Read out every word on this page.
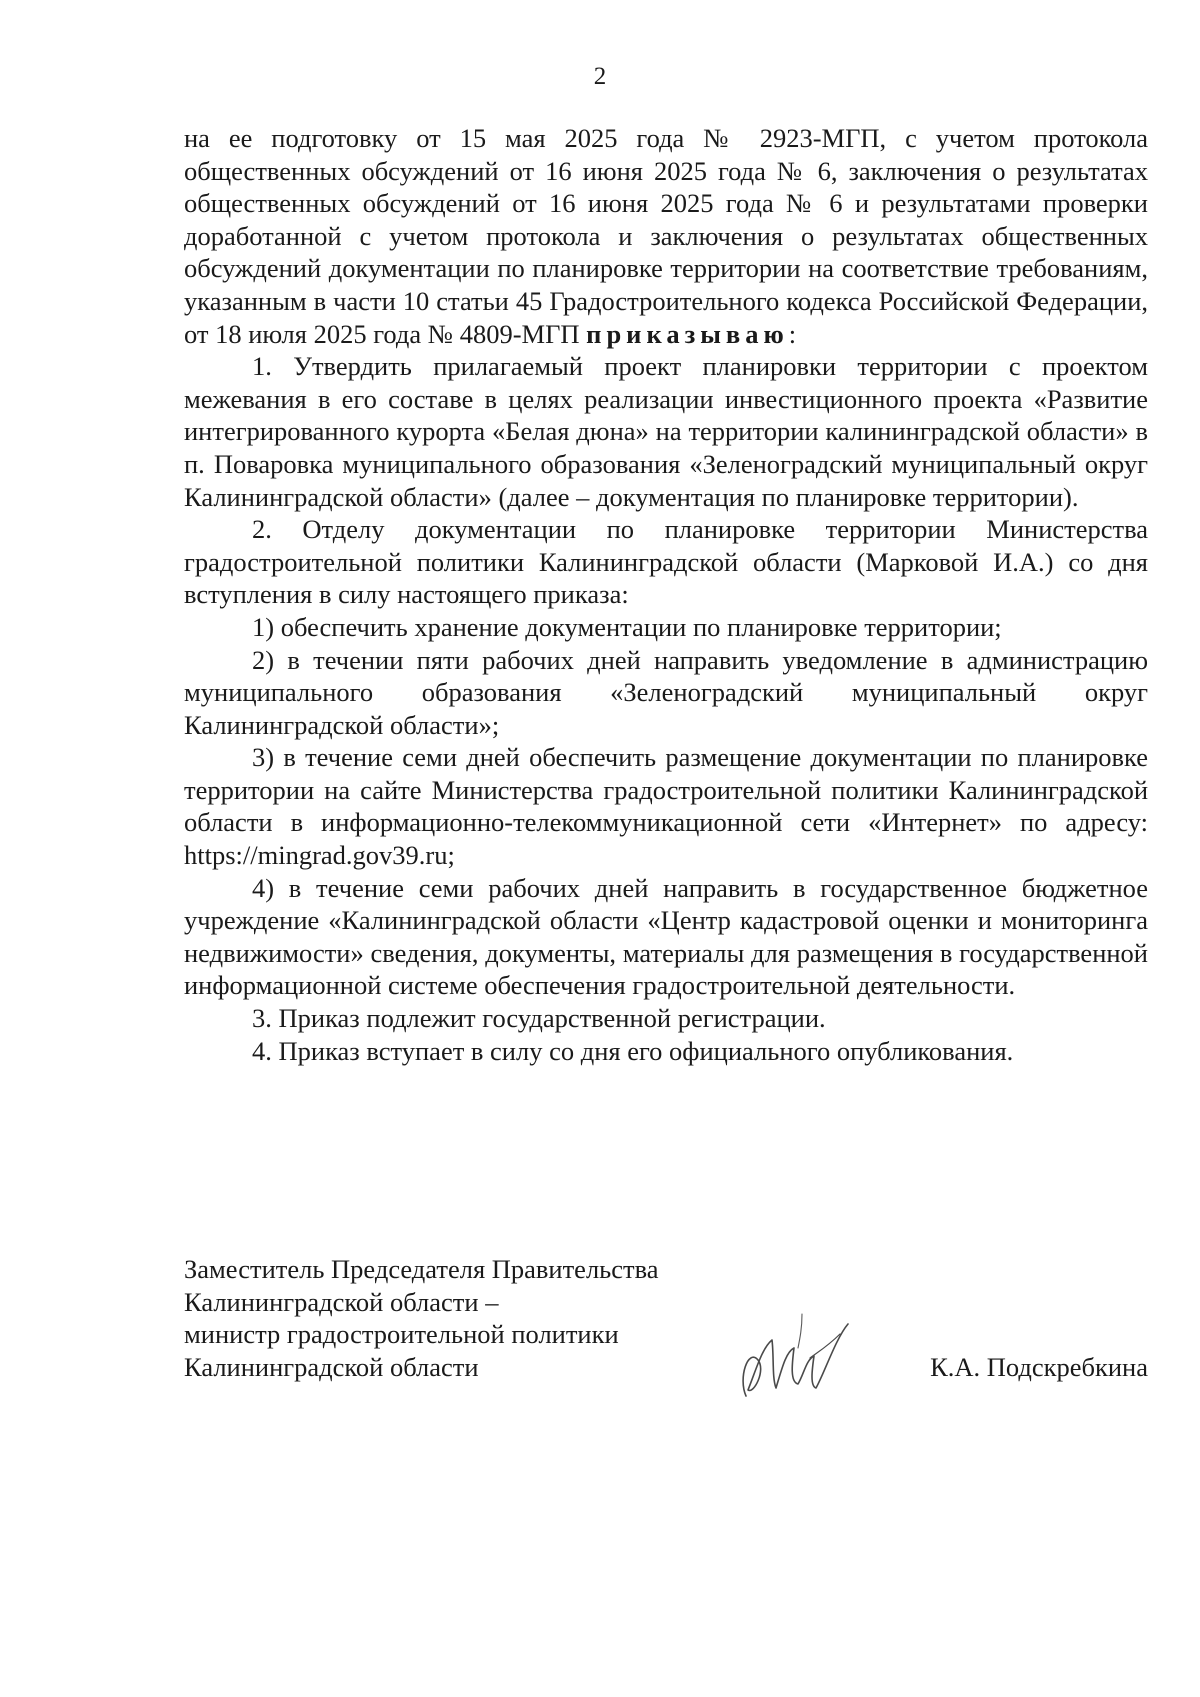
2

на ее подготовку от 15 мая 2025 года № 2923-МГП, с учетом протокола общественных обсуждений от 16 июня 2025 года № 6, заключения о результатах общественных обсуждений от 16 июня 2025 года № 6 и результатами проверки доработанной с учетом протокола и заключения о результатах общественных обсуждений документации по планировке территории на соответствие требованиям, указанным в части 10 статьи 45 Градостроительного кодекса Российской Федерации, от 18 июля 2025 года № 4809-МГП приказываю:

1. Утвердить прилагаемый проект планировки территории с проектом межевания в его составе в целях реализации инвестиционного проекта «Развитие интегрированного курорта «Белая дюна» на территории калининградской области» в п. Поваровка муниципального образования «Зеленоградский муниципальный округ Калининградской области» (далее – документация по планировке территории).

2. Отделу документации по планировке территории Министерства градостроительной политики Калининградской области (Марковой И.А.) со дня вступления в силу настоящего приказа:

1) обеспечить хранение документации по планировке территории;

2) в течении пяти рабочих дней направить уведомление в администрацию муниципального образования «Зеленоградский муниципальный округ Калининградской области»;

3) в течение семи дней обеспечить размещение документации по планировке территории на сайте Министерства градостроительной политики Калининградской области в информационно-телекоммуникационной сети «Интернет» по адресу: https://mingrad.gov39.ru;

4) в течение семи рабочих дней направить в государственное бюджетное учреждение «Калининградской области «Центр кадастровой оценки и мониторинга недвижимости» сведения, документы, материалы для размещения в государственной информационной системе обеспечения градостроительной деятельности.

3. Приказ подлежит государственной регистрации.

4. Приказ вступает в силу со дня его официального опубликования.

Заместитель Председателя Правительства
Калининградской области –
министр градостроительной политики
Калининградской области	К.А. Подскребкина
